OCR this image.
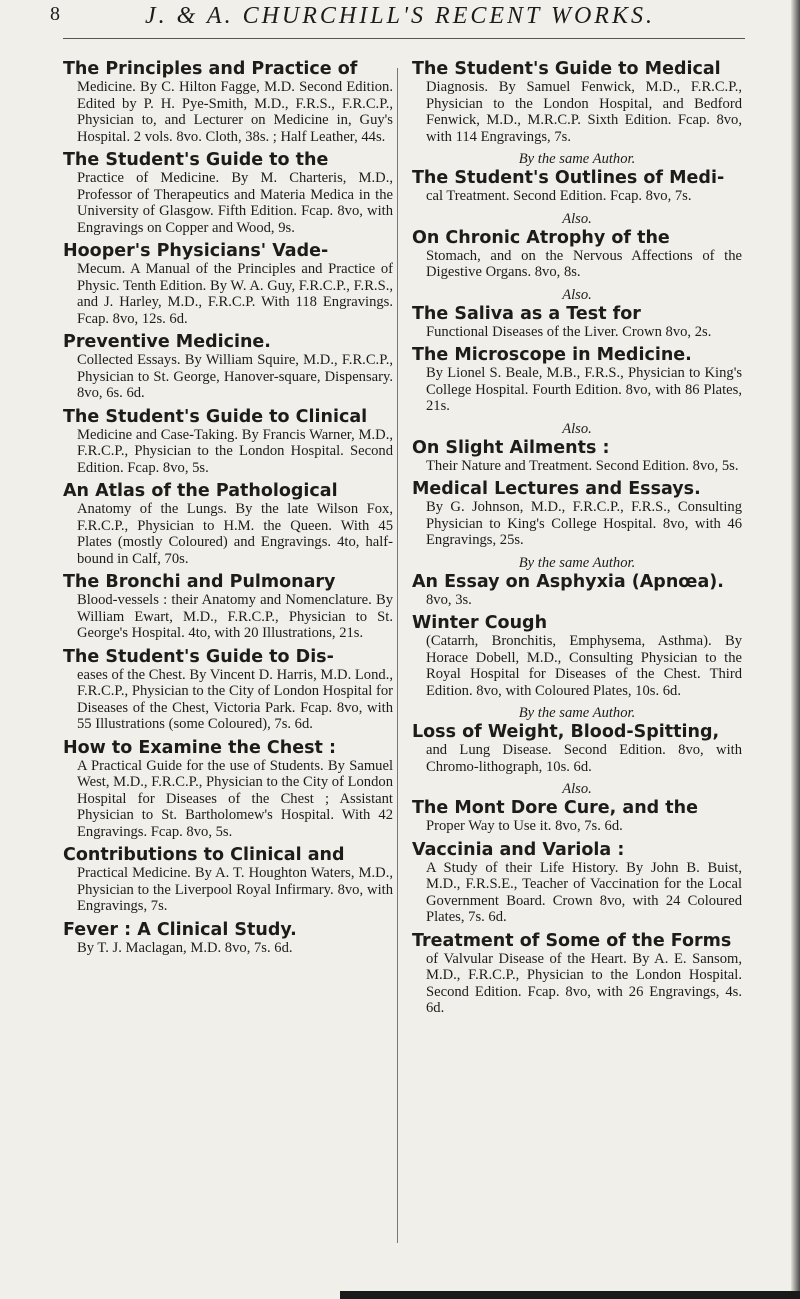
8	J. & A. CHURCHILL'S RECENT WORKS.
The Principles and Practice of
Medicine. By C. Hilton Fagge, M.D. Second Edition. Edited by P. H. Pye-Smith, M.D., F.R.S., F.R.C.P., Physician to, and Lecturer on Medicine in, Guy's Hospital. 2 vols. 8vo. Cloth, 38s. ; Half Leather, 44s.
The Student's Guide to the
Practice of Medicine. By M. Charteris, M.D., Professor of Therapeutics and Materia Medica in the University of Glasgow. Fifth Edition. Fcap. 8vo, with Engravings on Copper and Wood, 9s.
Hooper's Physicians' Vade-
Mecum. A Manual of the Principles and Practice of Physic. Tenth Edition. By W. A. Guy, F.R.C.P., F.R.S., and J. Harley, M.D., F.R.C.P. With 118 Engravings. Fcap. 8vo, 12s. 6d.
Preventive Medicine.
Collected Essays. By William Squire, M.D., F.R.C.P., Physician to St. George, Hanover-square, Dispensary. 8vo, 6s. 6d.
The Student's Guide to Clinical
Medicine and Case-Taking. By Francis Warner, M.D., F.R.C.P., Physician to the London Hospital. Second Edition. Fcap. 8vo, 5s.
An Atlas of the Pathological
Anatomy of the Lungs. By the late Wilson Fox, F.R.C.P., Physician to H.M. the Queen. With 45 Plates (mostly Coloured) and Engravings. 4to, half-bound in Calf, 70s.
The Bronchi and Pulmonary
Blood-vessels : their Anatomy and Nomenclature. By William Ewart, M.D., F.R.C.P., Physician to St. George's Hospital. 4to, with 20 Illustrations, 21s.
The Student's Guide to Dis-
eases of the Chest. By Vincent D. Harris, M.D. Lond., F.R.C.P., Physician to the City of London Hospital for Diseases of the Chest, Victoria Park. Fcap. 8vo, with 55 Illustrations (some Coloured), 7s. 6d.
How to Examine the Chest :
A Practical Guide for the use of Students. By Samuel West, M.D., F.R.C.P., Physician to the City of London Hospital for Diseases of the Chest ; Assistant Physician to St. Bartholomew's Hospital. With 42 Engravings. Fcap. 8vo, 5s.
Contributions to Clinical and
Practical Medicine. By A. T. Houghton Waters, M.D., Physician to the Liverpool Royal Infirmary. 8vo, with Engravings, 7s.
Fever : A Clinical Study.
By T. J. Maclagan, M.D. 8vo, 7s. 6d.
The Student's Guide to Medical
Diagnosis. By Samuel Fenwick, M.D., F.R.C.P., Physician to the London Hospital, and Bedford Fenwick, M.D., M.R.C.P. Sixth Edition. Fcap. 8vo, with 114 Engravings, 7s.
By the same Author.
The Student's Outlines of Medi-
cal Treatment. Second Edition. Fcap. 8vo, 7s.
Also.
On Chronic Atrophy of the
Stomach, and on the Nervous Affections of the Digestive Organs. 8vo, 8s.
Also.
The Saliva as a Test for
Functional Diseases of the Liver. Crown 8vo, 2s.
The Microscope in Medicine.
By Lionel S. Beale, M.B., F.R.S., Physician to King's College Hospital. Fourth Edition. 8vo, with 86 Plates, 21s.
Also.
On Slight Ailments :
Their Nature and Treatment. Second Edition. 8vo, 5s.
Medical Lectures and Essays.
By G. Johnson, M.D., F.R.C.P., F.R.S., Consulting Physician to King's College Hospital. 8vo, with 46 Engravings, 25s.
By the same Author.
An Essay on Asphyxia (Apnœa).
8vo, 3s.
Winter Cough
(Catarrh, Bronchitis, Emphysema, Asthma). By Horace Dobell, M.D., Consulting Physician to the Royal Hospital for Diseases of the Chest. Third Edition. 8vo, with Coloured Plates, 10s. 6d.
By the same Author.
Loss of Weight, Blood-Spitting,
and Lung Disease. Second Edition. 8vo, with Chromo-lithograph, 10s. 6d.
Also.
The Mont Dore Cure, and the
Proper Way to Use it. 8vo, 7s. 6d.
Vaccinia and Variola :
A Study of their Life History. By John B. Buist, M.D., F.R.S.E., Teacher of Vaccination for the Local Government Board. Crown 8vo, with 24 Coloured Plates, 7s. 6d.
Treatment of Some of the Forms
of Valvular Disease of the Heart. By A. E. Sansom, M.D., F.R.C.P., Physician to the London Hospital. Second Edition. Fcap. 8vo, with 26 Engravings, 4s. 6d.
